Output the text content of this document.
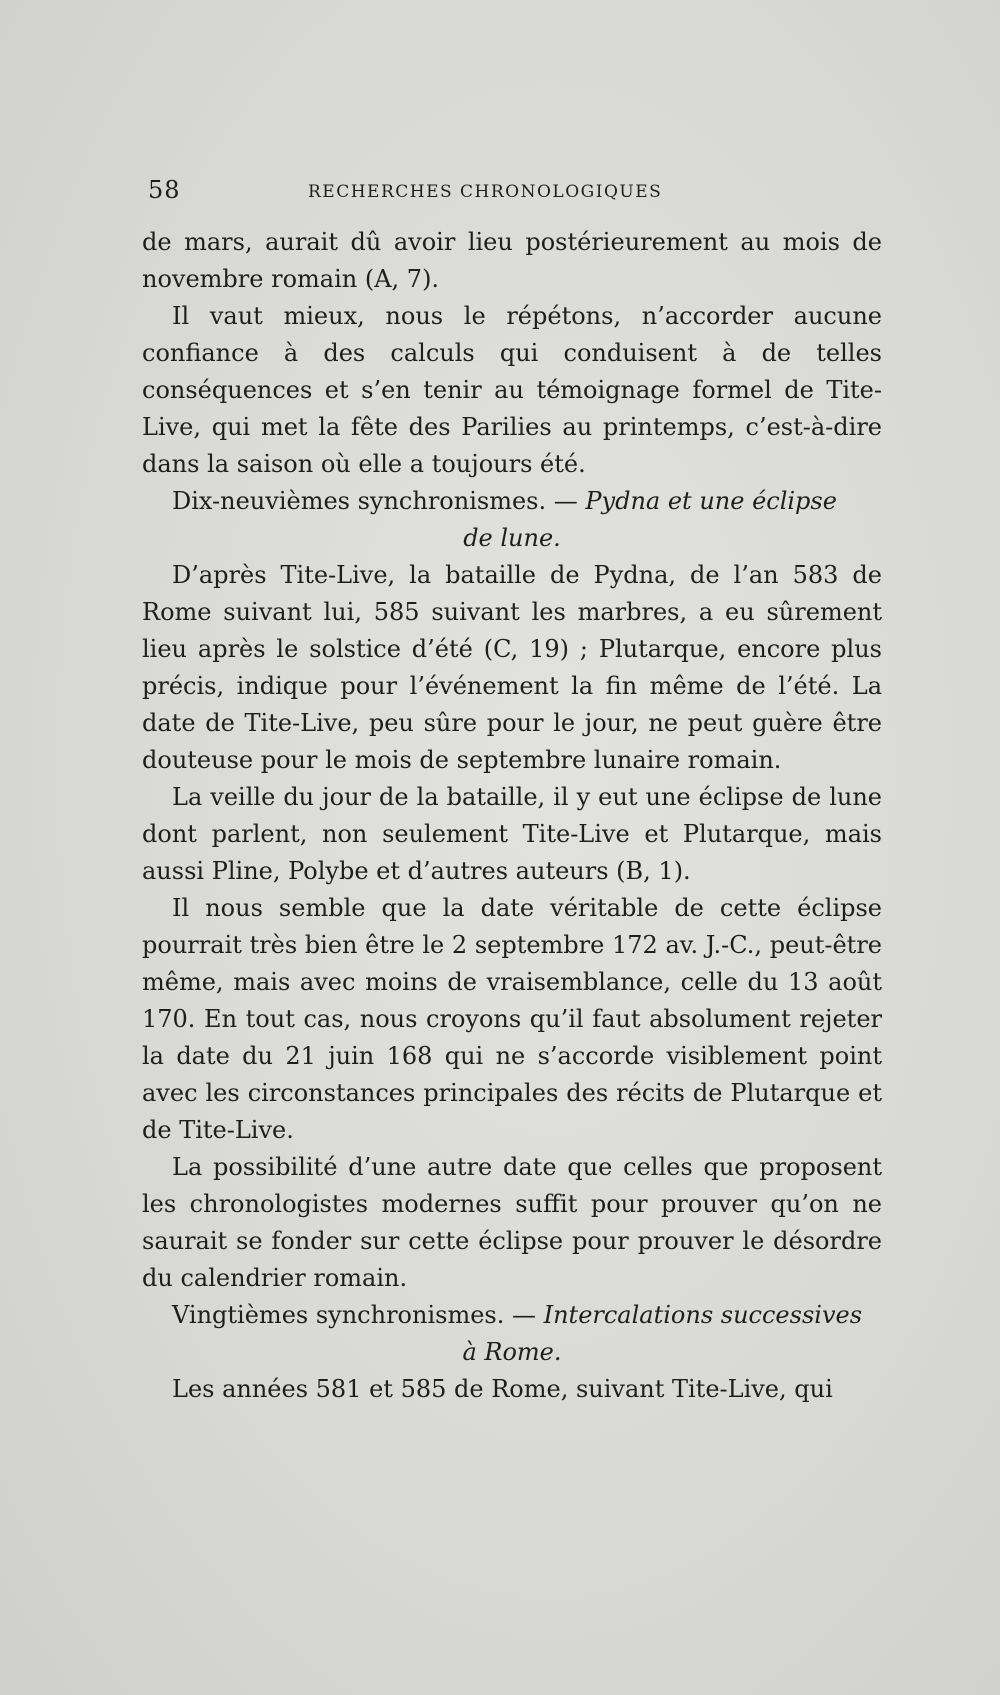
58	RECHERCHES CHRONOLOGIQUES

de mars, aurait dû avoir lieu postérieurement au mois de novembre romain (A, 7).

Il vaut mieux, nous le répétons, n’accorder aucune confiance à des calculs qui conduisent à de telles conséquences et s’en tenir au témoignage formel de Tite-Live, qui met la fête des Parilies au printemps, c’est-à-dire dans la saison où elle a toujours été.

Dix-neuvièmes synchronismes. — Pydna et une éclipse
de lune.

D’après Tite-Live, la bataille de Pydna, de l’an 583 de Rome suivant lui, 585 suivant les marbres, a eu sûrement lieu après le solstice d’été (C, 19) ; Plutarque, encore plus précis, indique pour l’événement la fin même de l’été. La date de Tite-Live, peu sûre pour le jour, ne peut guère être douteuse pour le mois de septembre lunaire romain.

La veille du jour de la bataille, il y eut une éclipse de lune dont parlent, non seulement Tite-Live et Plutarque, mais aussi Pline, Polybe et d’autres auteurs (B, 1).

Il nous semble que la date véritable de cette éclipse pourrait très bien être le 2 septembre 172 av. J.-C., peut-être même, mais avec moins de vraisemblance, celle du 13 août 170. En tout cas, nous croyons qu’il faut absolument rejeter la date du 21 juin 168 qui ne s’accorde visiblement point avec les circonstances principales des récits de Plutarque et de Tite-Live.

La possibilité d’une autre date que celles que proposent les chronologistes modernes suffit pour prouver qu’on ne saurait se fonder sur cette éclipse pour prouver le désordre du calendrier romain.

Vingtièmes synchronismes. — Intercalations successives
à Rome.

Les années 581 et 585 de Rome, suivant Tite-Live, qui
